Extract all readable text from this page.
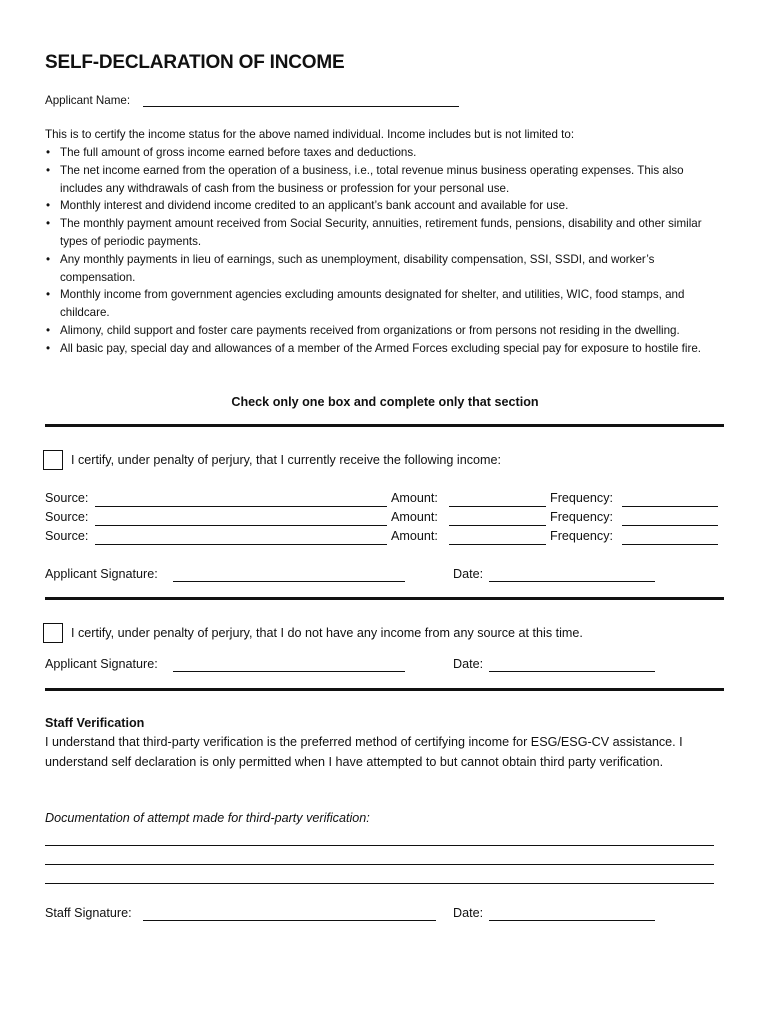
SELF-DECLARATION OF INCOME
Applicant Name:
This is to certify the income status for the above named individual. Income includes but is not limited to:
• The full amount of gross income earned before taxes and deductions.
• The net income earned from the operation of a business, i.e., total revenue minus business operating expenses. This also includes any withdrawals of cash from the business or profession for your personal use.
• Monthly interest and dividend income credited to an applicant’s bank account and available for use.
• The monthly payment amount received from Social Security, annuities, retirement funds, pensions, disability and other similar types of periodic payments.
• Any monthly payments in lieu of earnings, such as unemployment, disability compensation, SSI, SSDI, and worker’s compensation.
• Monthly income from government agencies excluding amounts designated for shelter, and utilities, WIC, food stamps, and childcare.
• Alimony, child support and foster care payments received from organizations or from persons not residing in the dwelling.
• All basic pay, special day and allowances of a member of the Armed Forces excluding special pay for exposure to hostile fire.
Check only one box and complete only that section
I certify, under penalty of perjury, that I currently receive the following income:
Source:	Amount:	Frequency:
Source:	Amount:	Frequency:
Source:	Amount:	Frequency:
Applicant Signature:	Date:
I certify, under penalty of perjury, that I do not have any income from any source at this time.
Applicant Signature:	Date:
Staff Verification
I understand that third-party verification is the preferred method of certifying income for ESG/ESG-CV assistance. I understand self declaration is only permitted when I have attempted to but cannot obtain third party verification.
Documentation of attempt made for third-party verification:
Staff Signature:	Date:
